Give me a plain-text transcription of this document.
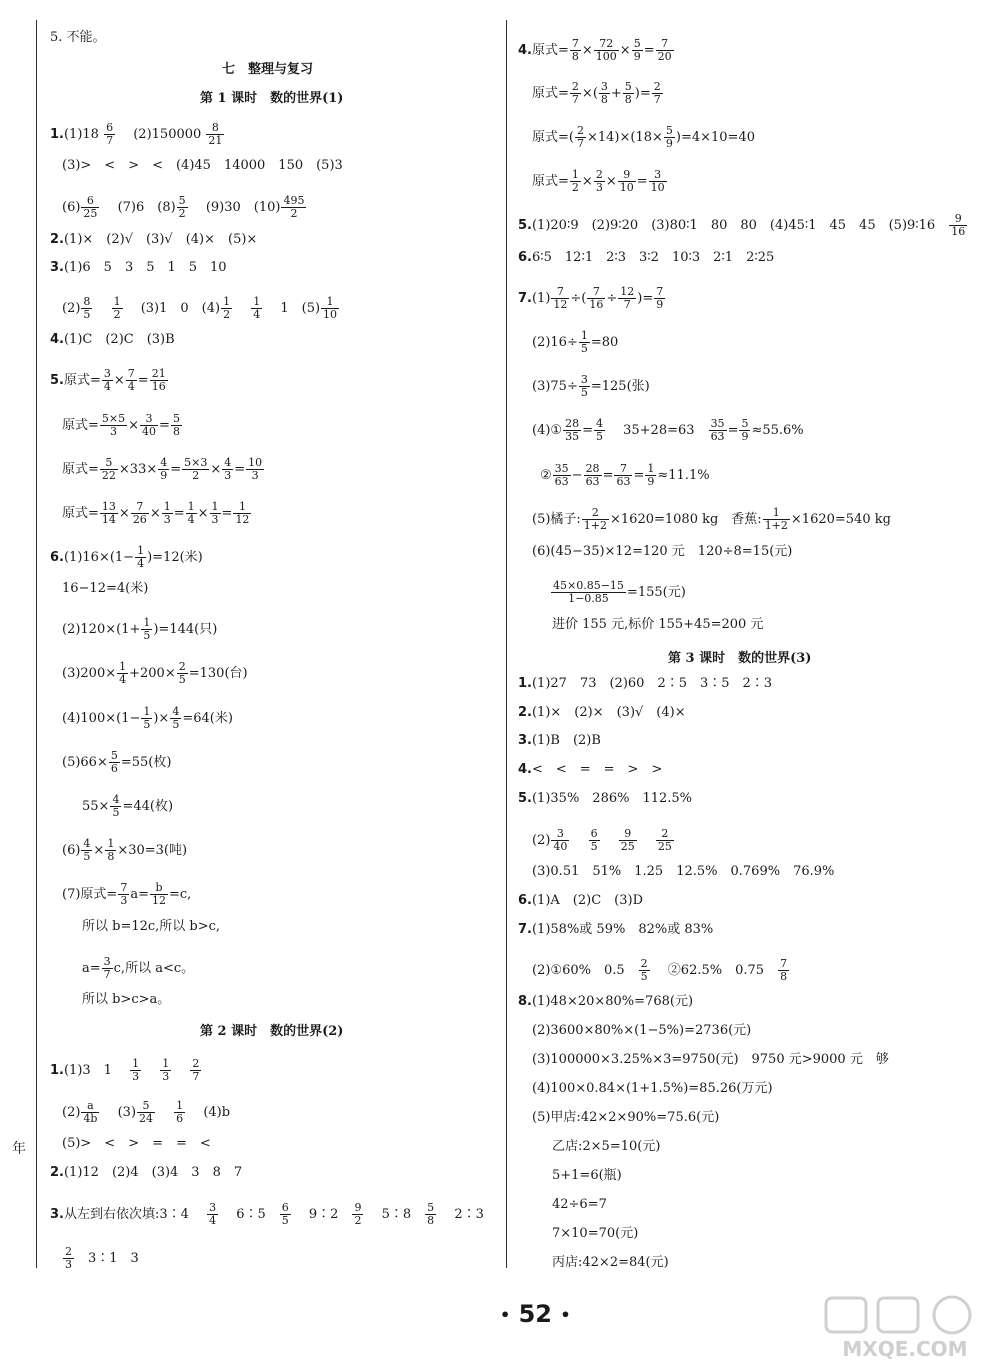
5. 不能。
七　整理与复习
第 1 课时　数的世界(1)
$1.(1)18 \frac{6}{7}$
　 $(2)150000 \frac{8}{21}$
(3)>　<　>　<　(4)45　14000　150　(5)3
$(6) \frac{6}{25}$
　 (7)6　$(8) \frac{5}{2}$
　 (9)30　$(10) \frac{495}{2}$
2.(1)×　(2)√　(3)√　(4)×　(5)×
3.(1)6　5　3　5　1　5　10
$(2) \frac{8}{5}$
　 $\frac{1}{2}$
　 (3)1　0　$(4) \frac{1}{2}$
　 $\frac{1}{4}$
　 1　$(5) \frac{1}{10}$
4.(1)C　(2)C　(3)B
5.原式= $\frac{3}{4} \times \frac{7}{4} = \frac{21}{16}$
原式= $\frac{5\times 5}{3} \times \frac{3}{40} = \frac{5}{8}$
原式= $\frac{5}{22} \times 33\times \frac{4}{9} = \frac{5\times 3}{2} \times \frac{4}{3} = \frac{10}{3}$
原式= $\frac{13}{14} \times \frac{7}{26} \times \frac{1}{3} = \frac{1}{4} \times \frac{1}{3} = \frac{1}{12}$
$6.(1)16\times(1- \frac{1}{4} )=12$(米)
16−12=4(米)
$(2)120\times(1+ \frac{1}{5} )=144$(只)
$(3)200\times \frac{1}{4} +200\times \frac{2}{5} =130$(台)
$(4)100\times(1- \frac{1}{5}$ )× $\frac{4}{5} =64$(米)
$(5)66\times \frac{5}{6} =55$(枚)
$55\times \frac{4}{5} =44$(枚)
$(6) \frac{4}{5} \times \frac{1}{8} \times 30=3$(吨)
(7)原式= $\frac{7}{3} a= \frac{b}{12} =c$,
所以 b=12c,所以 b>c,
$a= \frac{3}{7} c$,所以 a<c。
所以 b>c>a。
第 2 课时　数的世界(2)
1.(1)3　1 　 $\frac{1}{3}$
　 $\frac{1}{3}$
　 $\frac{2}{7}$
$(2) \frac{a}{4b}$
　 $(3) \frac{5}{24}$
　 $\frac{1}{6}$
　 (4)b
(5)>　<　>　=　=　<
2.(1)12　(2)4　(3)4　3　8　7
3.从左到右依次填:3∶4 　 $\frac{3}{4}$
　 6∶5　 $\frac{6}{5}$
　 9∶2　 $\frac{9}{2}$
　 5∶8　 $\frac{5}{8}$
　 2∶3
$\frac{2}{3}$
　 3∶1　3
年
4.原式= $\frac{7}{8} \times \frac{72}{100} \times \frac{5}{9} = \frac{7}{20}$
原式= $\frac{2}{7}$ ×( $\frac{3}{8} + \frac{5}{8}$ )= $\frac{2}{7}$
原式=( $\frac{2}{7} \times 14)\times(18\times \frac{5}{9} )=4\times 10=40$
原式= $\frac{1}{2} \times \frac{2}{3} \times \frac{9}{10} = \frac{3}{10}$
5.(1)20∶9　(2)9∶20　(3)80∶1　80　80　(4)45∶1　45　45　(5)9∶16　 $\frac{9}{16}$
6.6∶5　12∶1　2∶3　3∶2　10∶3　2∶1　2∶25
$7.(1) \frac{7}{12}$ ÷( $\frac{7}{16} \div \frac{12}{7}$ )= $\frac{7}{9}$
$(2)16\div \frac{1}{5} =80$
$(3)75\div \frac{3}{5} =125$(张)
(4)① $\frac{28}{35} = \frac{4}{5}$
　 35+28=63　 $\frac{35}{63} = \frac{5}{9} \approx 55.6\%$
② $\frac{35}{63} - \frac{28}{63} = \frac{7}{63} = \frac{1}{9} \approx 11.1\%$
(5)橘子: $\frac{2}{1+2} \times 1620=1080$ kg　香蕉: $\frac{1}{1+2} \times 1620=540$ kg
(6)(45−35)×12=120 元　120÷8=15(元)
$\frac{45\times 0.85-15}{1-0.85} =155$(元)
进价 155 元,标价 155+45=200 元
第 3 课时　数的世界(3)
1.(1)27　73　(2)60　2∶5　3∶5　2∶3
2.(1)×　(2)×　(3)√　(4)×
3.(1)B　(2)B
4.<　<　=　=　>　>
5.(1)35%　286%　112.5%
$(2) \frac{3}{40}$
　 $\frac{6}{5}$
　 $\frac{9}{25}$
　 $\frac{2}{25}$
(3)0.51　51%　1.25　12.5%　0.769%　76.9%
6.(1)A　(2)C　(3)D
7.(1)58%或 59%　82%或 83%
(2)①60%　0.5　 $\frac{2}{5}$
　 ②62.5%　0.75　 $\frac{7}{8}$
8.(1)48×20×80%=768(元)
(2)3600×80%×(1−5%)=2736(元)
(3)100000×3.25%×3=9750(元)　9750 元>9000 元　够
(4)100×0.84×(1+1.5%)=85.26(万元)
(5)甲店:42×2×90%=75.6(元)
乙店:2×5=10(元)
5+1=6(瓶)
42÷6=7
7×10=70(元)
丙店:42×2=84(元)
• 52 •
MXQE.COM
